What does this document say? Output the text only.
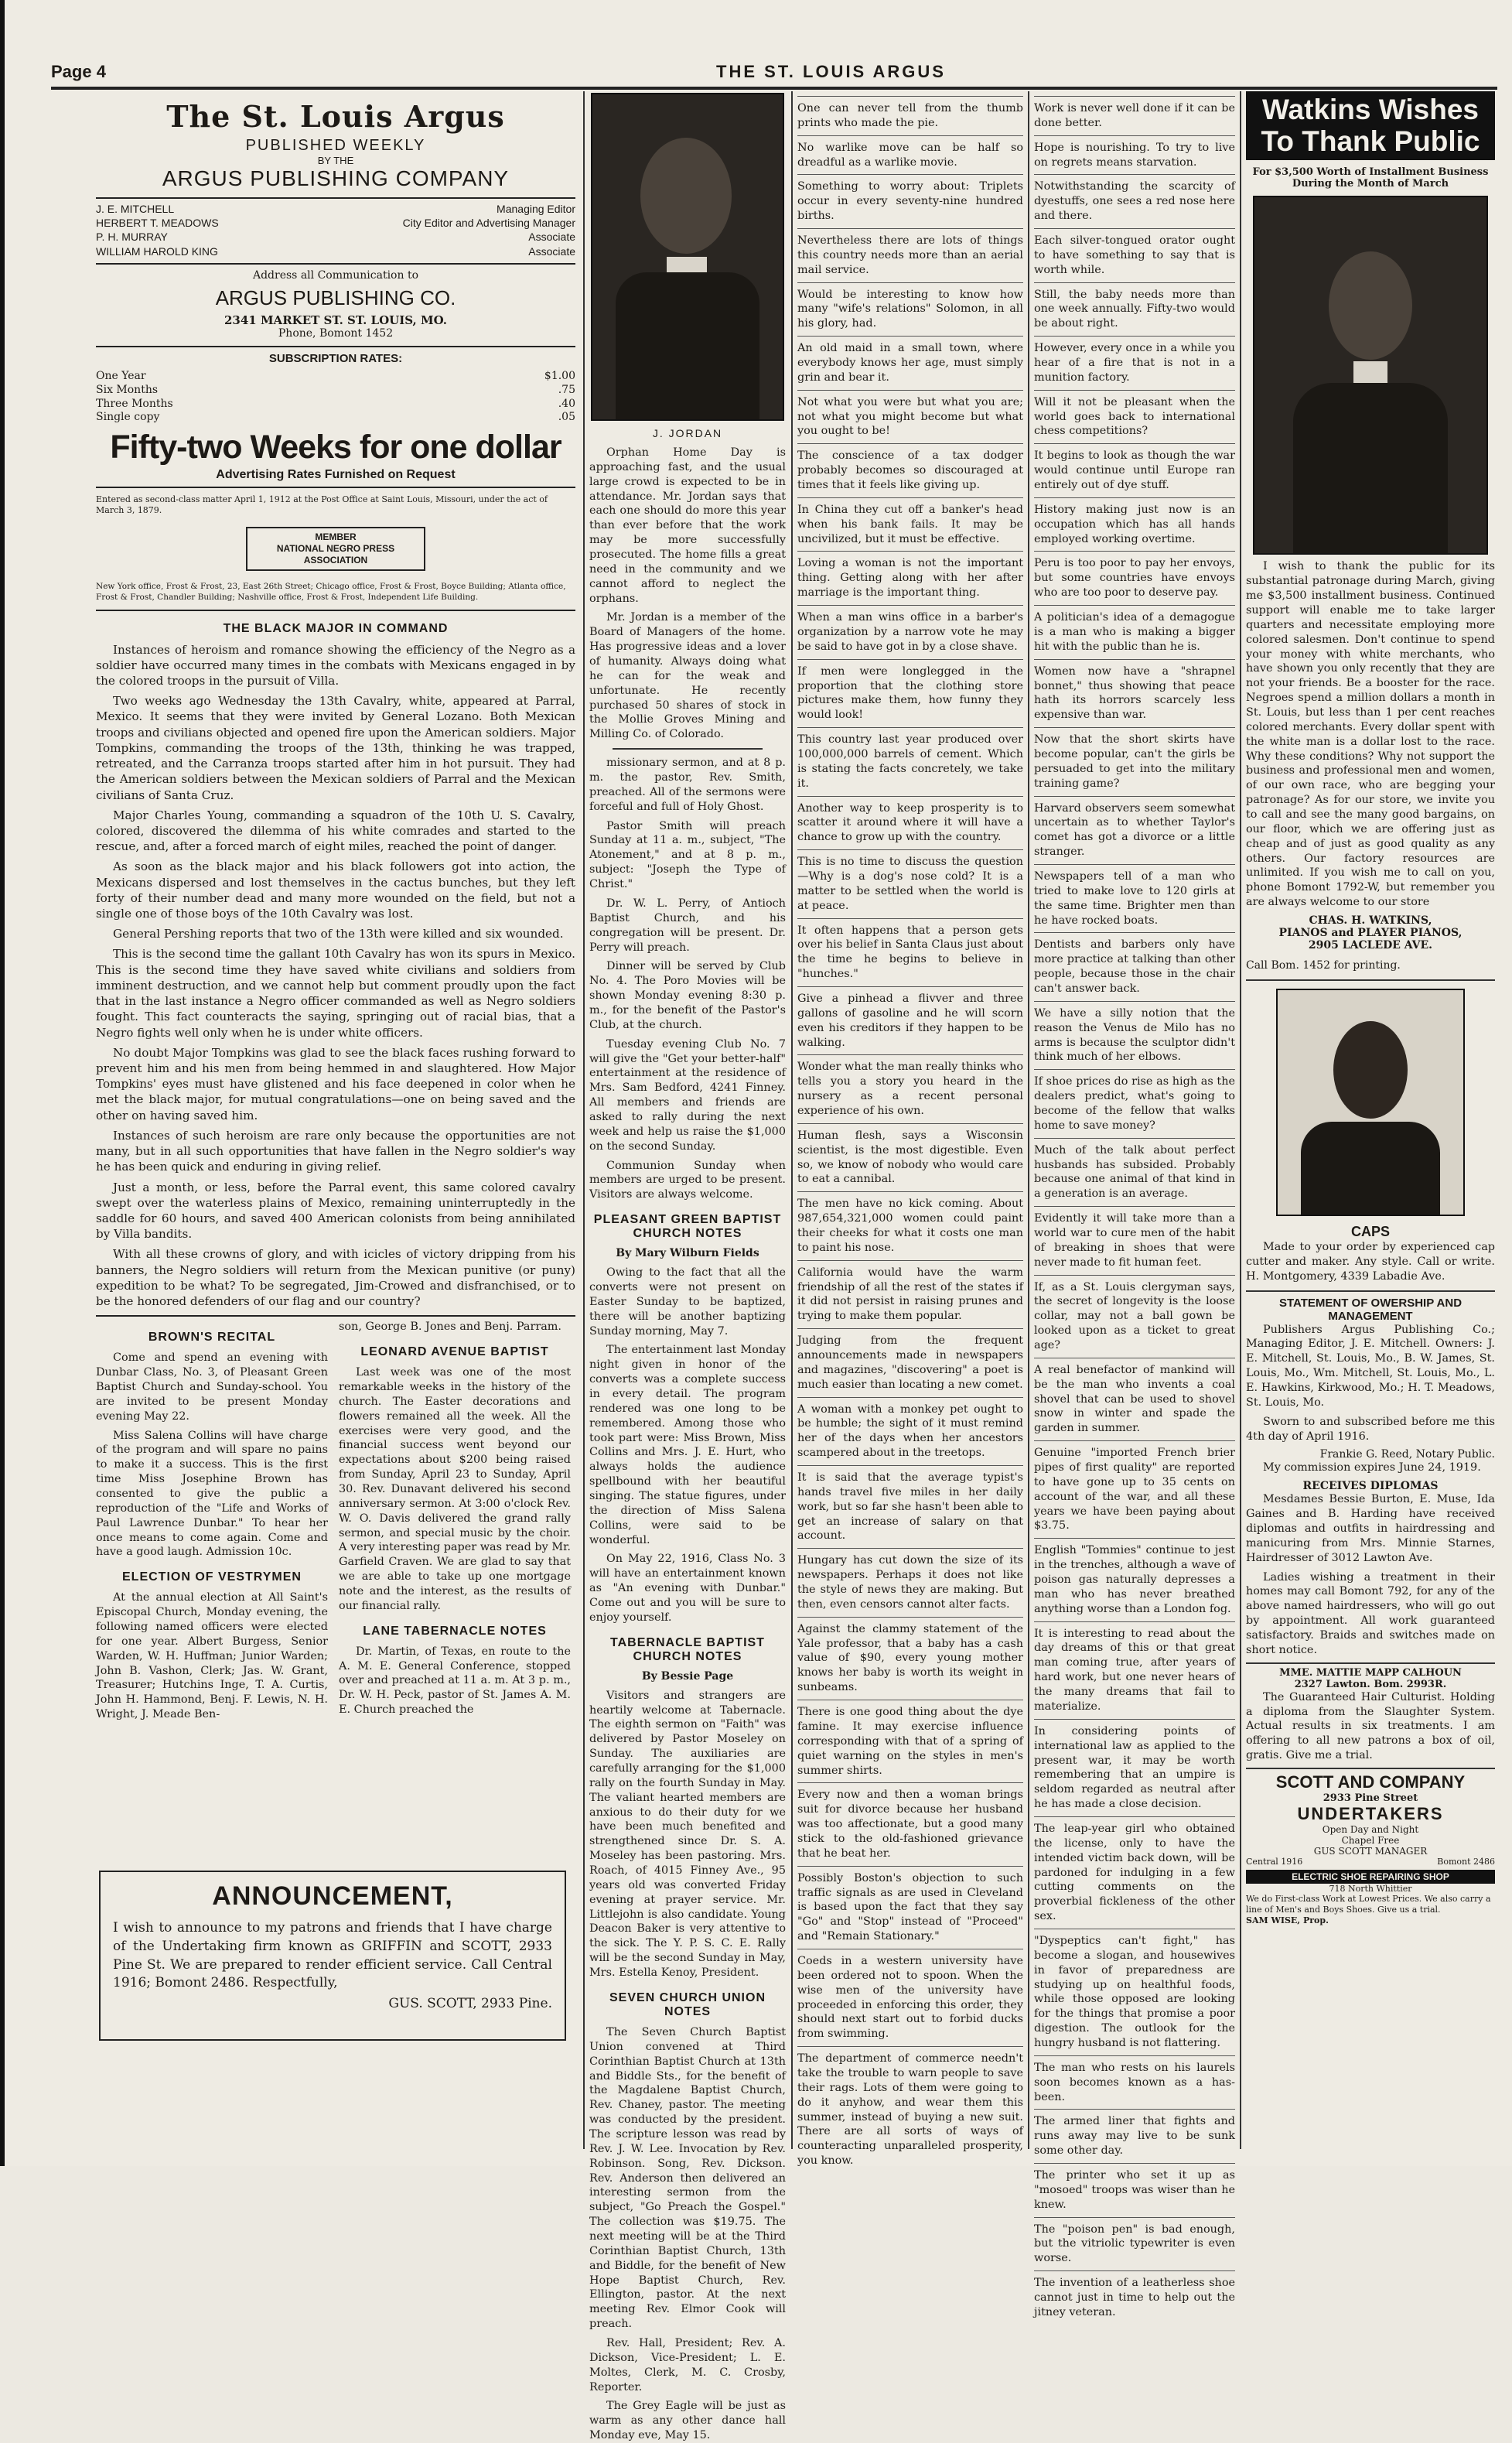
Page 4	THE ST. LOUIS ARGUS
The St. Louis Argus
PUBLISHED WEEKLY
BY THE
ARGUS PUBLISHING COMPANY
J. E. MITCHELL	Managing Editor
HERBERT T. MEADOWS	City Editor and Advertising Manager
P. H. MURRAY	Associate
WILLIAM HAROLD KING	Associate
Address all Communication to
ARGUS PUBLISHING CO.
2341 MARKET ST. ST. LOUIS, MO.
Phone, Bomont 1452
SUBSCRIPTION RATES:
One Year	$1.00
Six Months	.75
Three Months	.40
Single copy	.05
Fifty-two Weeks for one dollar
Advertising Rates Furnished on Request
Entered as second-class matter April 1, 1912 at the Post Office at Saint Louis, Missouri, under the act of March 3, 1879.
MEMBER
NATIONAL NEGRO PRESS
ASSOCIATION
New York office, Frost & Frost, 23, East 26th Street; Chicago office, Frost & Frost, Boyce Building; Atlanta office, Frost & Frost, Chandler Building; Nashville office, Frost & Frost, Independent Life Building.
THE BLACK MAJOR IN COMMAND

Instances of heroism and romance showing the efficiency of the Negro as a soldier have occurred many times in the combats with Mexicans engaged in by the colored troops in the pursuit of Villa.

Two weeks ago Wednesday the 13th Cavalry, white, appeared at Parral, Mexico. It seems that they were invited by General Lozano. Both Mexican troops and civilians objected and opened fire upon the American soldiers. Major Tompkins, commanding the troops of the 13th, thinking he was trapped, retreated, and the Carranza troops started after him in hot pursuit. They had the American soldiers between the Mexican soldiers of Parral and the Mexican civilians of Santa Cruz.

Major Charles Young, commanding a squadron of the 10th U. S. Cavalry, colored, discovered the dilemma of his white comrades and started to the rescue, and, after a forced march of eight miles, reached the point of danger.

As soon as the black major and his black followers got into action, the Mexicans dispersed and lost themselves in the cactus bunches, but they left forty of their number dead and many more wounded on the field, but not a single one of those boys of the 10th Cavalry was lost.

General Pershing reports that two of the 13th were killed and six wounded.

This is the second time the gallant 10th Cavalry has won its spurs in Mexico. This is the second time they have saved white civilians and soldiers from imminent destruction, and we cannot help but comment proudly upon the fact that in the last instance a Negro officer commanded as well as Negro soldiers fought. This fact counteracts the saying, springing out of racial bias, that a Negro fights well only when he is under white officers.

No doubt Major Tompkins was glad to see the black faces rushing forward to prevent him and his men from being hemmed in and slaughtered. How Major Tompkins' eyes must have glistened and his face deepened in color when he met the black major, for mutual congratulations—one on being saved and the other on having saved him.

Instances of such heroism are rare only because the opportunities are not many, but in all such opportunities that have fallen in the Negro soldier's way he has been quick and enduring in giving relief.

Just a month, or less, before the Parral event, this same colored cavalry swept over the waterless plains of Mexico, remaining uninterruptedly in the saddle for 60 hours, and saved 400 American colonists from being annihilated by Villa bandits.

With all these crowns of glory, and with icicles of victory dripping from his banners, the Negro soldiers will return from the Mexican punitive (or puny) expedition to be what? To be segregated, Jim-Crowed and disfranchised, or to be the honored defenders of our flag and our country?

BROWN'S RECITAL

Come and spend an evening with Dunbar Class, No. 3, of Pleasant Green Baptist Church and Sunday-school. You are invited to be present Monday evening May 22.

Miss Salena Collins will have charge of the program and will spare no pains to make it a success. This is the first time Miss Josephine Brown has consented to give the public a reproduction of the "Life and Works of Paul Lawrence Dunbar." To hear her once means to come again. Come and have a good laugh. Admission 10c.

ELECTION OF VESTRYMEN

At the annual election at All Saint's Episcopal Church, Monday evening, the following named officers were elected for one year. Albert Burgess, Senior Warden, W. H. Huffman; Junior Warden; John B. Vashon, Clerk; Jas. W. Grant, Treasurer; Hutchins Inge, T. A. Curtis, John H. Hammond, Benj. F. Lewis, N. H. Wright, J. Meade Ben-

son, George B. Jones and Benj. Parram.

LEONARD AVENUE BAPTIST

Last week was one of the most remarkable weeks in the history of the church. The Easter decorations and flowers remained all the week. All the exercises were very good, and the financial success went beyond our expectations about $200 being raised from Sunday, April 23 to Sunday, April 30. Rev. Dunavant delivered his second anniversary sermon. At 3:00 o'clock Rev. W. O. Davis delivered the grand rally sermon, and special music by the choir. A very interesting paper was read by Mr. Garfield Craven. We are glad to say that we are able to take up one mortgage note and the interest, as the results of our financial rally.

LANE TABERNACLE NOTES

Dr. Martin, of Texas, en route to the A. M. E. General Conference, stopped over and preached at 11 a. m. At 3 p. m., Dr. W. H. Peck, pastor of St. James A. M. E. Church preached the

ANNOUNCEMENT,
I wish to announce to my patrons and friends that I have charge of the Undertaking firm known as GRIFFIN and SCOTT, 2933 Pine St. We are prepared to render efficient service. Call Central 1916; Bomont 2486. Respectfully,
GUS. SCOTT, 2933 Pine.
J. JORDAN

Orphan Home Day is approaching fast, and the usual large crowd is expected to be in attendance. Mr. Jordan says that each one should do more this year than ever before that the work may be more successfully prosecuted. The home fills a great need in the community and we cannot afford to neglect the orphans.

Mr. Jordan is a member of the Board of Managers of the home. Has progressive ideas and a lover of humanity. Always doing what he can for the weak and unfortunate. He recently purchased 50 shares of stock in the Mollie Groves Mining and Milling Co. of Colorado.

missionary sermon, and at 8 p. m. the pastor, Rev. Smith, preached. All of the sermons were forceful and full of Holy Ghost.

Pastor Smith will preach Sunday at 11 a. m., subject, "The Atonement," and at 8 p. m., subject: "Joseph the Type of Christ."

Dr. W. L. Perry, of Antioch Baptist Church, and his congregation will be present. Dr. Perry will preach.

Dinner will be served by Club No. 4. The Poro Movies will be shown Monday evening 8:30 p. m., for the benefit of the Pastor's Club, at the church.

Tuesday evening Club No. 7 will give the "Get your better-half" entertainment at the residence of Mrs. Sam Bedford, 4241 Finney. All members and friends are asked to rally during the next week and help us raise the $1,000 on the second Sunday.

Communion Sunday when members are urged to be present. Visitors are always welcome.

PLEASANT GREEN BAPTIST CHURCH NOTES
By Mary Wilburn Fields

Owing to the fact that all the converts were not present on Easter Sunday to be baptized, there will be another baptizing Sunday morning, May 7.

The entertainment last Monday night given in honor of the converts was a complete success in every detail. The program rendered was one long to be remembered. Among those who took part were: Miss Brown, Miss Collins and Mrs. J. E. Hurt, who always holds the audience spellbound with her beautiful singing. The statue figures, under the direction of Miss Salena Collins, were said to be wonderful.

On May 22, 1916, Class No. 3 will have an entertainment known as "An evening with Dunbar." Come out and you will be sure to enjoy yourself.

TABERNACLE BAPTIST CHURCH NOTES
By Bessie Page

Visitors and strangers are heartily welcome at Tabernacle. The eighth sermon on "Faith" was delivered by Pastor Moseley on Sunday. The auxiliaries are carefully arranging for the $1,000 rally on the fourth Sunday in May. The valiant hearted members are anxious to do their duty for we have been much benefited and strengthened since Dr. S. A. Moseley has been pastoring. Mrs. Roach, of 4015 Finney Ave., 95 years old was converted Friday evening at prayer service. Mr. Littlejohn is also candidate. Young Deacon Baker is very attentive to the sick. The Y. P. S. C. E. Rally will be the second Sunday in May, Mrs. Estella Kenoy, President.

SEVEN CHURCH UNION NOTES

The Seven Church Baptist Union convened at Third Corinthian Baptist Church at 13th and Biddle Sts., for the benefit of the Magdalene Baptist Church, Rev. Chaney, pastor. The meeting was conducted by the president. The scripture lesson was read by Rev. J. W. Lee. Invocation by Rev. Robinson. Song, Rev. Dickson. Rev. Anderson then delivered an interesting sermon from the subject, "Go Preach the Gospel." The collection was $19.75. The next meeting will be at the Third Corinthian Baptist Church, 13th and Biddle, for the benefit of New Hope Baptist Church, Rev. Ellington, pastor. At the next meeting Rev. Elmor Cook will preach.

Rev. Hall, President; Rev. A. Dickson, Vice-President; L. E. Moltes, Clerk, M. C. Crosby, Reporter.

The Grey Eagle will be just as warm as any other dance hall Monday eve, May 15.

One can never tell from the thumb prints who made the pie.

No warlike move can be half so dreadful as a warlike movie.

Something to worry about: Triplets occur in every seventy-nine hundred births.

Nevertheless there are lots of things this country needs more than an aerial mail service.

Would be interesting to know how many "wife's relations" Solomon, in all his glory, had.

An old maid in a small town, where everybody knows her age, must simply grin and bear it.

Not what you were but what you are; not what you might become but what you ought to be!

The conscience of a tax dodger probably becomes so discouraged at times that it feels like giving up.

In China they cut off a banker's head when his bank fails. It may be uncivilized, but it must be effective.

Loving a woman is not the important thing. Getting along with her after marriage is the important thing.

When a man wins office in a barber's organization by a narrow vote he may be said to have got in by a close shave.

If men were longlegged in the proportion that the clothing store pictures make them, how funny they would look!

This country last year produced over 100,000,000 barrels of cement. Which is stating the facts concretely, we take it.

Another way to keep prosperity is to scatter it around where it will have a chance to grow up with the country.

This is no time to discuss the question—Why is a dog's nose cold? It is a matter to be settled when the world is at peace.

It often happens that a person gets over his belief in Santa Claus just about the time he begins to believe in "hunches."

Give a pinhead a flivver and three gallons of gasoline and he will scorn even his creditors if they happen to be walking.

Wonder what the man really thinks who tells you a story you heard in the nursery as a recent personal experience of his own.

Human flesh, says a Wisconsin scientist, is the most digestible. Even so, we know of nobody who would care to eat a cannibal.

The men have no kick coming. About 987,654,321,000 women could paint their cheeks for what it costs one man to paint his nose.

California would have the warm friendship of all the rest of the states if it did not persist in raising prunes and trying to make them popular.

Judging from the frequent announcements made in newspapers and magazines, "discovering" a poet is much easier than locating a new comet.

A woman with a monkey pet ought to be humble; the sight of it must remind her of the days when her ancestors scampered about in the treetops.

It is said that the average typist's hands travel five miles in her daily work, but so far she hasn't been able to get an increase of salary on that account.

Hungary has cut down the size of its newspapers. Perhaps it does not like the style of news they are making. But then, even censors cannot alter facts.

Against the clammy statement of the Yale professor, that a baby has a cash value of $90, every young mother knows her baby is worth its weight in sunbeams.

There is one good thing about the dye famine. It may exercise influence corresponding with that of a spring of quiet warning on the styles in men's summer shirts.

Every now and then a woman brings suit for divorce because her husband was too affectionate, but a good many stick to the old-fashioned grievance that he beat her.

Possibly Boston's objection to such traffic signals as are used in Cleveland is based upon the fact that they say "Go" and "Stop" instead of "Proceed" and "Remain Stationary."

Coeds in a western university have been ordered not to spoon. When the wise men of the university have proceeded in enforcing this order, they should next start out to forbid ducks from swimming.

The department of commerce needn't take the trouble to warn people to save their rags. Lots of them were going to do it anyhow, and wear them this summer, instead of buying a new suit. There are all sorts of ways of counteracting unparalleled prosperity, you know.

Work is never well done if it can be done better.

Hope is nourishing. To try to live on regrets means starvation.

Notwithstanding the scarcity of dyestuffs, one sees a red nose here and there.

Each silver-tongued orator ought to have something to say that is worth while.

Still, the baby needs more than one week annually. Fifty-two would be about right.

However, every once in a while you hear of a fire that is not in a munition factory.

Will it not be pleasant when the world goes back to international chess competitions?

It begins to look as though the war would continue until Europe ran entirely out of dye stuff.

History making just now is an occupation which has all hands employed working overtime.

Peru is too poor to pay her envoys, but some countries have envoys who are too poor to deserve pay.

A politician's idea of a demagogue is a man who is making a bigger hit with the public than he is.

Women now have a "shrapnel bonnet," thus showing that peace hath its horrors scarcely less expensive than war.

Now that the short skirts have become popular, can't the girls be persuaded to get into the military training game?

Harvard observers seem somewhat uncertain as to whether Taylor's comet has got a divorce or a little stranger.

Newspapers tell of a man who tried to make love to 120 girls at the same time. Brighter men than he have rocked boats.

Dentists and barbers only have more practice at talking than other people, because those in the chair can't answer back.

We have a silly notion that the reason the Venus de Milo has no arms is because the sculptor didn't think much of her elbows.

If shoe prices do rise as high as the dealers predict, what's going to become of the fellow that walks home to save money?

Much of the talk about perfect husbands has subsided. Probably because one animal of that kind in a generation is an average.

Evidently it will take more than a world war to cure men of the habit of breaking in shoes that were never made to fit human feet.

If, as a St. Louis clergyman says, the secret of longevity is the loose collar, may not a ball gown be looked upon as a ticket to great age?

A real benefactor of mankind will be the man who invents a coal shovel that can be used to shovel snow in winter and spade the garden in summer.

Genuine "imported French brier pipes of first quality" are reported to have gone up to 35 cents on account of the war, and all these years we have been paying about $3.75.

English "Tommies" continue to jest in the trenches, although a wave of poison gas naturally depresses a man who has never breathed anything worse than a London fog.

It is interesting to read about the day dreams of this or that great man coming true, after years of hard work, but one never hears of the many dreams that fail to materialize.

In considering points of international law as applied to the present war, it may be worth remembering that an umpire is seldom regarded as neutral after he has made a close decision.

The leap-year girl who obtained the license, only to have the intended victim back down, will be pardoned for indulging in a few cutting comments on the proverbial fickleness of the other sex.

"Dyspeptics can't fight," has become a slogan, and housewives in favor of preparedness are studying up on healthful foods, while those opposed are looking for the things that promise a poor digestion. The outlook for the hungry husband is not flattering.

The man who rests on his laurels soon becomes known as a has-been.

The armed liner that fights and runs away may live to be sunk some other day.

The printer who set it up as "mosoed" troops was wiser than he knew.

The "poison pen" is bad enough, but the vitriolic typewriter is even worse.

The invention of a leatherless shoe cannot just in time to help out the jitney veteran.

Watkins Wishes
To Thank Public
For $3,500 Worth of Installment Business During the Month of March

I wish to thank the public for its substantial patronage during March, giving me $3,500 installment business. Continued support will enable me to take larger quarters and necessitate employing more colored salesmen. Don't continue to spend your money with white merchants, who have shown you only recently that they are not your friends. Be a booster for the race. Negroes spend a million dollars a month in St. Louis, but less than 1 per cent reaches colored merchants. Every dollar spent with the white man is a dollar lost to the race. Why these conditions? Why not support the business and professional men and women, of our own race, who are begging your patronage? As for our store, we invite you to call and see the many good bargains, on our floor, which we are offering just as cheap and of just as good quality as any others. Our factory resources are unlimited. If you wish me to call on you, phone Bomont 1792-W, but remember you are always welcome to our store

CHAS. H. WATKINS,
PIANOS and PLAYER PIANOS,
2905 LACLEDE AVE.
Call Bom. 1452 for printing.
CAPS

Made to your order by experienced cap cutter and maker. Any style. Call or write. H. Montgomery, 4339 Labadie Ave.

STATEMENT OF OWERSHIP AND MANAGEMENT

Publishers Argus Publishing Co.; Managing Editor, J. E. Mitchell. Owners: J. E. Mitchell, St. Louis, Mo., B. W. James, St. Louis, Mo., Wm. Mitchell, St. Louis, Mo., L. E. Hawkins, Kirkwood, Mo.; H. T. Meadows, St. Louis, Mo.

Sworn to and subscribed before me this 4th day of April 1916.

Frankie G. Reed, Notary Public.

My commission expires June 24, 1919.

RECEIVES DIPLOMAS

Mesdames Bessie Burton, E. Muse, Ida Gaines and B. Harding have received diplomas and outfits in hairdressing and manicuring from Mrs. Minnie Starnes, Hairdresser of 3012 Lawton Ave.

Ladies wishing a treatment in their homes may call Bomont 792, for any of the above named hairdressers, who will go out by appointment. All work guaranteed satisfactory. Braids and switches made on short notice.

MME. MATTIE MAPP CALHOUN
2327 Lawton. Bom. 2993R.

The Guaranteed Hair Culturist. Holding a diploma from the Slaughter System. Actual results in six treatments. I am offering to all new patrons a box of oil, gratis. Give me a trial.

SCOTT AND COMPANY
2933 Pine Street
UNDERTAKERS
Open Day and Night
Chapel Free
GUS SCOTT MANAGER
Central 1916	Bomont 2486
ELECTRIC SHOE REPAIRING SHOP
718 North Whittier
We do First-class Work at Lowest Prices. We also carry a line of Men's and Boys Shoes. Give us a trial.
SAM WISE, Prop.
